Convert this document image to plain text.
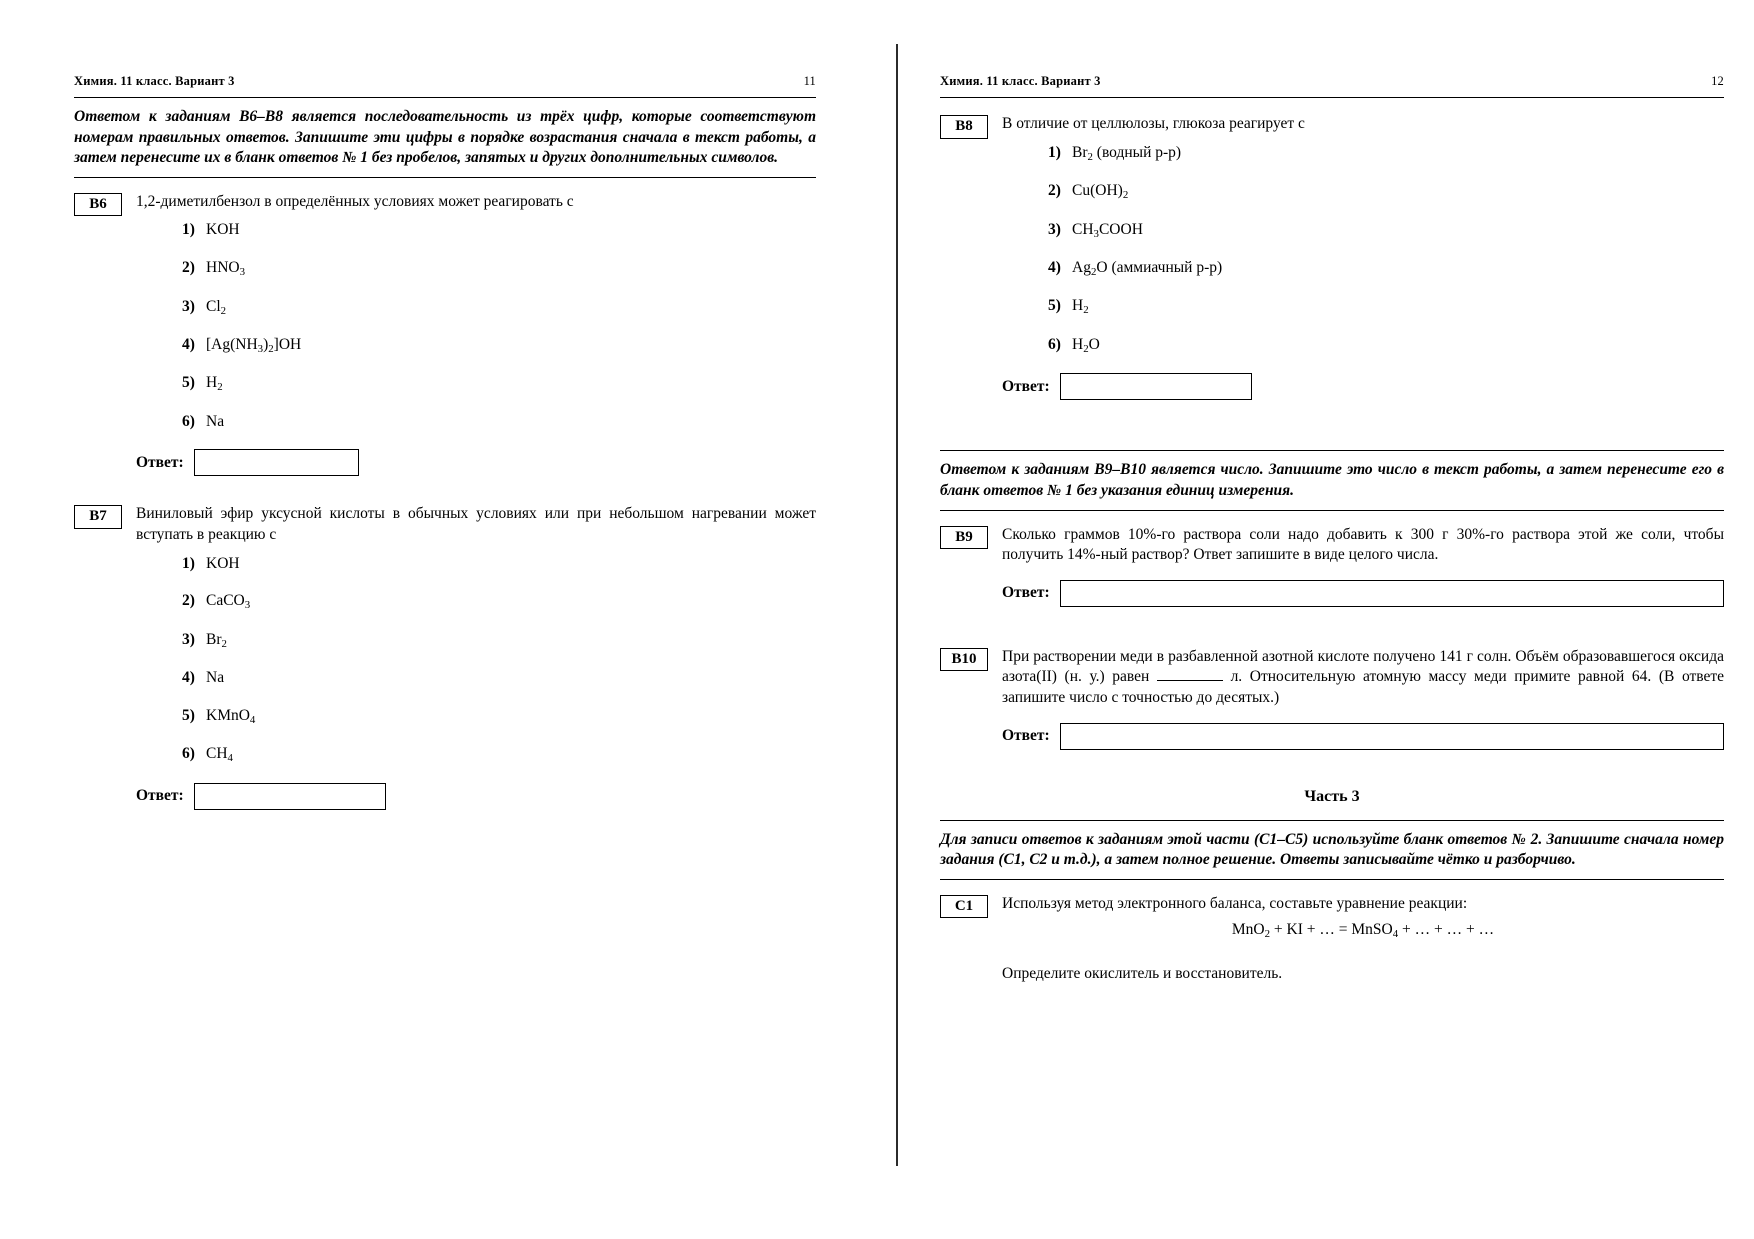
Химия. 11 класс. Вариант 3	11
Ответом к заданиям В6–В8 является последовательность из трёх цифр, которые соответствуют номерам правильных ответов. Запишите эти цифры в порядке возрастания сначала в текст работы, а затем перенесите их в бланк ответов № 1 без пробелов, запятых и других дополнительных символов.
В6	1,2-диметилбензол в определённых условиях может реагировать с
1) KOH
2) $HNO_3$
3) $Cl_2$
4) $[Ag(NH_3)_2]OH$
5) $H_2$
6) Na
Ответ:
В7	Виниловый эфир уксусной кислоты в обычных условиях или при небольшом нагревании может вступать в реакцию с
1) KOH
2) CaCO$_3$
3) $Br_2$
4) Na
5) KMnO$_4$
6) $CH_4$
Ответ:
Химия. 11 класс. Вариант 3	12
В8	В отличие от целлюлозы, глюкоза реагирует с
1) $Br_2$ (водный р-р)
2) $Cu(OH)_2$
3) $CH_3COOH$
4) $Ag_2O$ (аммиачный р-р)
5) $H_2$
6) $H_2O$
Ответ:
Ответом к заданиям В9–В10 является число. Запишите это число в текст работы, а затем перенесите его в бланк ответов № 1 без указания единиц измерения.
В9	Сколько граммов 10%-го раствора соли надо добавить к 300 г 30%-го раствора этой же соли, чтобы получить 14%-ный раствор? Ответ запишите в виде целого числа.
Ответ:
В10	При растворении меди в разбавленной азотной кислоте получено 141 г солн. Объём образовавшегося оксида азота(II) (н. у.) равен	л. Относительную атомную массу меди примите равной 64. (В ответе запишите число с точностью до десятых.)
Ответ:
Часть 3
Для записи ответов к заданиям этой части (С1–С5) используйте бланк ответов № 2. Запишите сначала номер задания (С1, С2 и т.д.), а затем полное решение. Ответы записывайте чётко и разборчиво.
С1	Используя метод электронного баланса, составьте уравнение реакции:
MnO$_2$ + KI + … = MnSO$_4$ + … + … + …
Определите окислитель и восстановитель.
